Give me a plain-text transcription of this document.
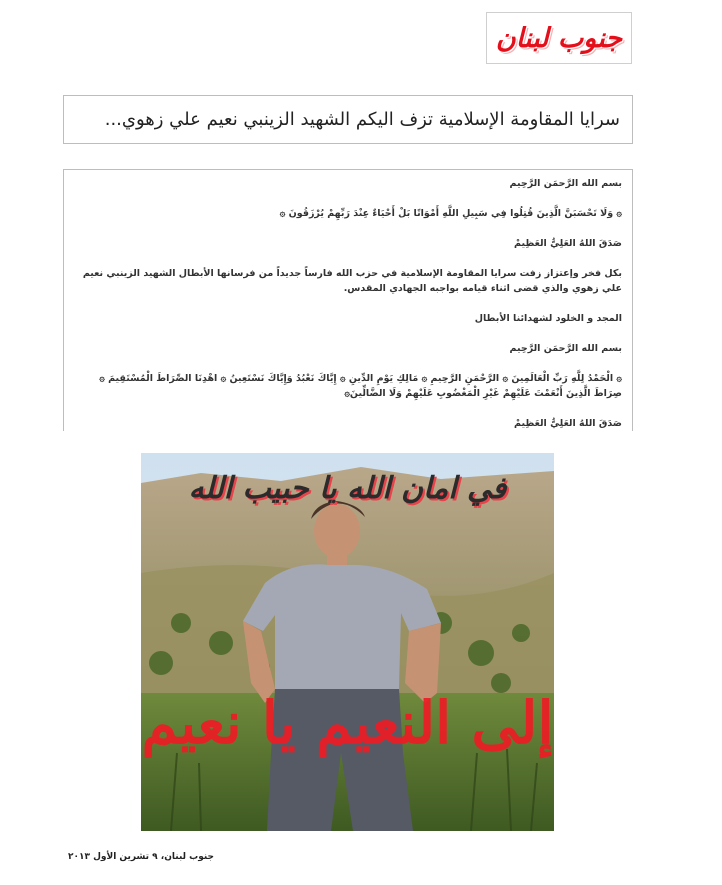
جنوب لبنان
سرايا المقاومة الإسلامية تزف اليكم الشهيد الزينبي نعيم علي زهوي...

بسم الله الرَّحمَن الرَّحِيم

۞ وَلَا تَحْسَبَنَّ الَّذِينَ قُتِلُوا فِي سَبِيلِ اللَّهِ أَمْوَاتًا بَلْ أَحْيَاءٌ عِنْدَ رَبِّهِمْ يُرْزَقُونَ ۞

صَدَقَ اللهُ العَلِيُّ العَظِيمْ

بكل فخر وإعتزاز زفت سرايا المقاومة الإسلامية في حزب الله فارساً جديداً من فرسانها الأبطال الشهيد الزينبي نعيم علي زهوي والذي قضى اثناء قيامه بواجبه الجهادي المقدس.

المجد و الخلود لشهدائنا الأبطال

بسم الله الرَّحمَن الرَّحِيم

۞ الْحَمْدُ لِلَّهِ رَبِّ الْعَالَمِينَ ۞ الرَّحْمَنِ الرَّحِيمِ ۞ مَالِكِ يَوْمِ الدِّينِ ۞ إِيَّاكَ نَعْبُدُ وَإِيَّاكَ نَسْتَعِينُ ۞ اهْدِنَا الصِّرَاطَ الْمُسْتَقِيمَ ۞ صِرَاطَ الَّذِينَ أَنْعَمْتَ عَلَيْهِمْ غَيْرِ الْمَغْضُوبِ عَلَيْهِمْ وَلَا الضَّالِّينَ۞

صَدَقَ اللهُ العَلِيُّ العَظِيمْ

في امان الله يا حبيب الله
إلى النعيم يا نعيم
جنوب لبنان، ٩ تشرين الأول ٢٠١٣
